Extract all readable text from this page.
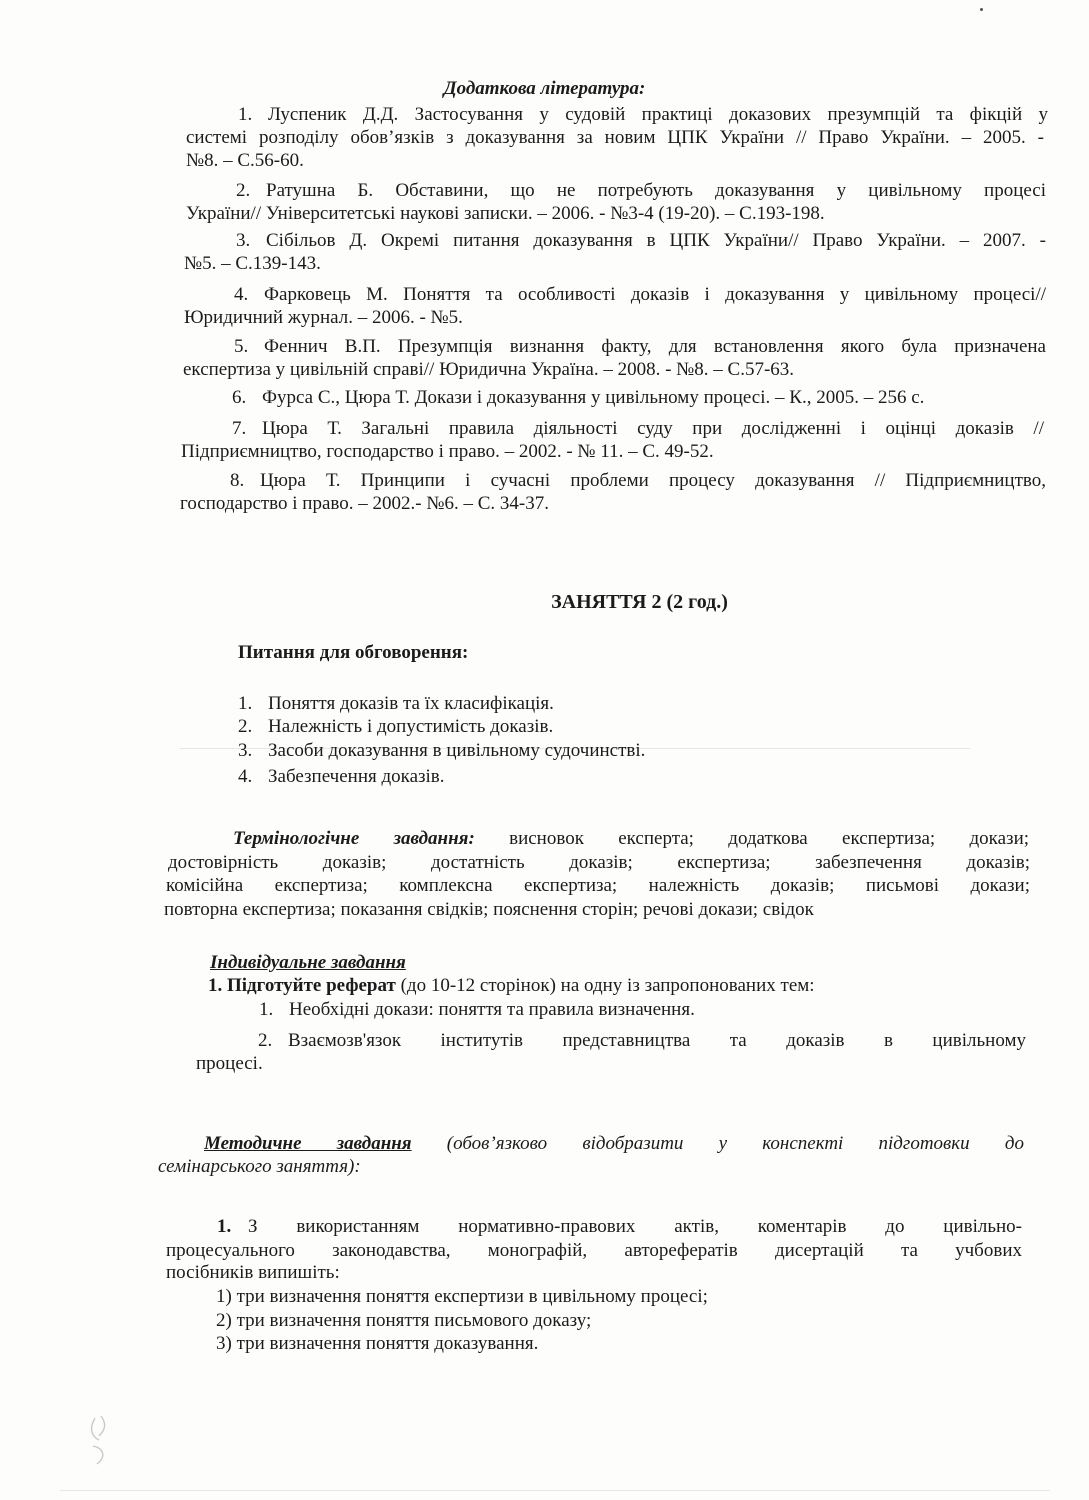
Додаткова література:
1. Луспеник Д.Д. Застосування у судовій практиці доказових презумпцій та фікцій у
системі розподілу обов’язків з доказування за новим ЦПК України // Право України. – 2005. -
№8. – С.56-60.
2. Ратушна Б. Обставини, що не потребують доказування у цивільному процесі
України// Університетські наукові записки. – 2006. - №3-4 (19-20). – С.193-198.
3. Сібільов Д. Окремі питання доказування в ЦПК України// Право України. – 2007. -
№5. – С.139-143.
4. Фарковець М. Поняття та особливості доказів і доказування у цивільному процесі//
Юридичний журнал. – 2006. - №5.
5. Феннич В.П. Презумпція визнання факту, для встановлення якого була призначена
експертиза у цивільній справі// Юридична Україна. – 2008. - №8. – С.57-63.
6. Фурса С., Цюра Т. Докази і доказування у цивільному процесі. – К., 2005. – 256 с.
7. Цюра Т. Загальні правила діяльності суду при дослідженні і оцінці доказів //
Підприємництво, господарство і право. – 2002. - № 11. – С. 49-52.
8. Цюра Т. Принципи і сучасні проблеми процесу доказування // Підприємництво,
господарство і право. – 2002.- №6. – С. 34-37.
ЗАНЯТТЯ 2 (2 год.)
Питання для обговорення:
1. Поняття доказів та їх класифікація.
2. Належність і допустимість доказів.
3. Засоби доказування в цивільному судочинстві.
4. Забезпечення доказів.
Термінологічне завдання: висновок експерта; додаткова експертиза; докази;
достовірність доказів; достатність доказів; експертиза; забезпечення доказів;
комісійна експертиза; комплексна експертиза; належність доказів; письмові докази;
повторна експертиза; показання свідків; пояснення сторін; речові докази; свідок
Індивідуальне завдання
1. Підготуйте реферат (до 10-12 сторінок) на одну із запропонованих тем:
1. Необхідні докази: поняття та правила визначення.
2. Взаємозв'язок інститутів представництва та доказів в цивільному
процесі.
Методичне завдання (обов’язково відобразити у конспекті підготовки до
семінарського заняття):
1. З використанням нормативно-правових актів, коментарів до цивільно-
процесуального законодавства, монографій, авторефератів дисертацій та учбових
посібників випишіть:
1) три визначення поняття експертизи в цивільному процесі;
2) три визначення поняття письмового доказу;
3) три визначення поняття доказування.
